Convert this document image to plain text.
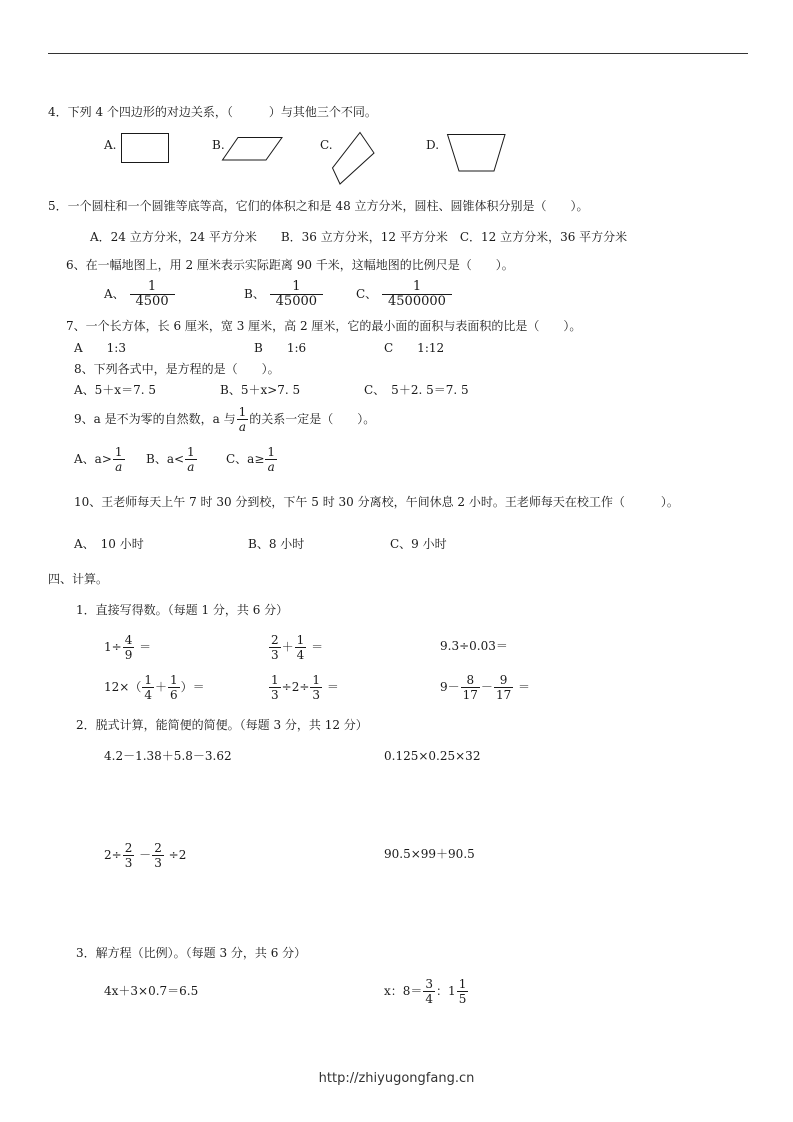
4．下列 4 个四边形的对边关系，（　　　）与其他三个不同。
A.	B.	C.	D.
5．一个圆柱和一个圆锥等底等高，它们的体积之和是 48 立方分米，圆柱、圆锥体积分别是（　　）。
A．24 立方分米，24 平方分米　　B．36 立方分米，12 平方分米　C．12 立方分米，36 平方分米
6、在一幅地图上，用 2 厘米表示实际距离 90 千米，这幅地图的比例尺是（　　）。
A、 $\frac{1}{4500}$	B、 $\frac{1}{45000}$	C、 $\frac{1}{4500000}$
7、一个长方体，长 6 厘米，宽 3 厘米，高 2 厘米，它的最小面的面积与表面积的比是（　　）。
A　　1:3	B　　1:6	C　　1:12
8、下列各式中，是方程的是（　　）。
A、5＋x＝7. 5	B、5＋x>7. 5	C、　5＋2. 5＝7. 5
9、a 是不为零的自然数，a 与 $\frac{1}{a}$ 的关系一定是（　　）。
A、$a> \frac{1}{a}$ B、$a< \frac{1}{a}$ C、$a\ge \frac{1}{a}$
10、王老师每天上午 7 时 30 分到校，下午 5 时 30 分离校，午间休息 2 小时。王老师每天在校工作（　　　）。
A、　10 小时	B、8 小时	C、9 小时
四、计算。
1．直接写得数。（每题 1 分，共 6 分）
$1\div \frac{4}{9}$ ＝	$\frac{2}{3} + \frac{1}{4}$ ＝	9.3÷0.03＝
$12\times( \frac{1}{4} + \frac{1}{6}$ ）＝	$\frac{1}{3} \div 2\div \frac{1}{3}$ ＝	$9- \frac{8}{17} - \frac{9}{17}$ ＝
2．脱式计算，能简便的简便。（每题 3 分，共 12 分）
4.2－1.38＋5.8－3.62	0.125×0.25×32
$2\div \frac{2}{3} - \frac{2}{3} \div 2$	90.5×99＋90.5
3．解方程（比例）。（每题 3 分，共 6 分）
4x＋3×0.7＝6.5	x：$8= \frac{3}{4}$ ：$1 \frac{1}{5}$
http://zhiyugongfang.cn
